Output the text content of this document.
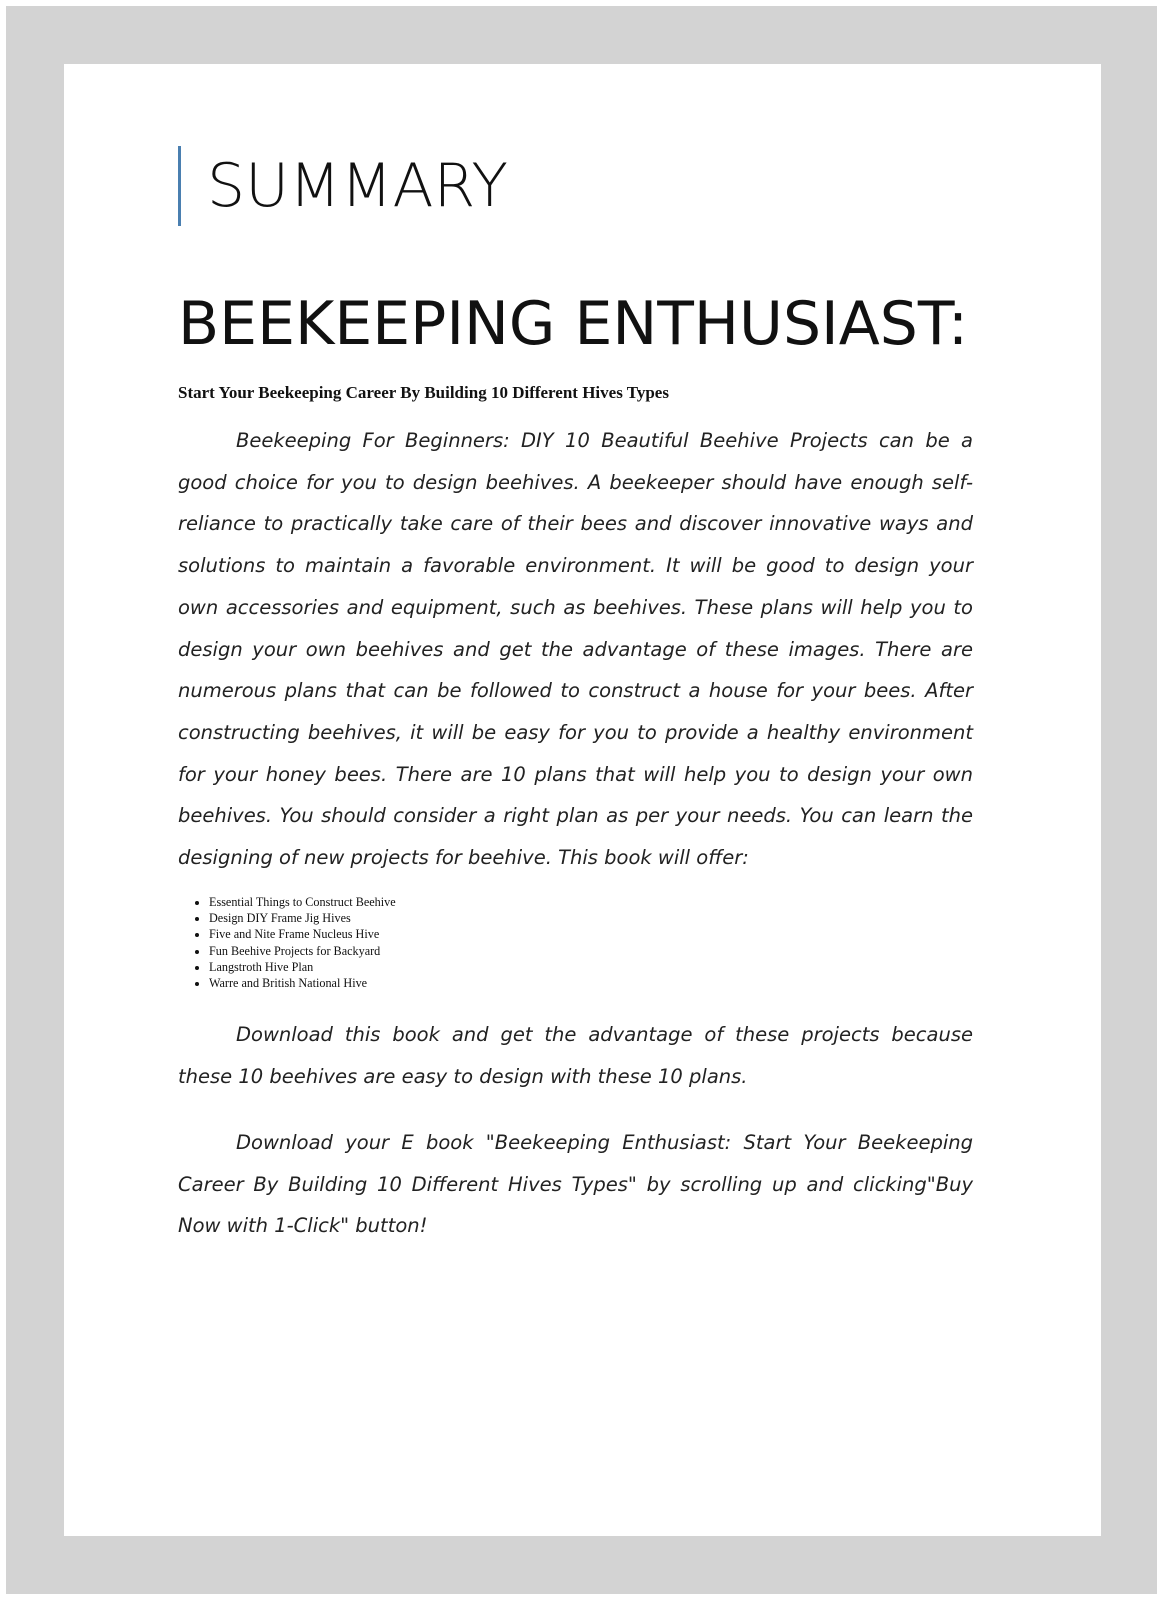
SUMMARY
BEEKEEPING ENTHUSIAST:
Start Your Beekeeping Career By Building 10 Different Hives Types

Beekeeping For Beginners: DIY 10 Beautiful Beehive Projects can be a good choice for you to design beehives. A beekeeper should have enough self-reliance to practically take care of their bees and discover innovative ways and solutions to maintain a favorable environment. It will be good to design your own accessories and equipment, such as beehives. These plans will help you to design your own beehives and get the advantage of these images. There are numerous plans that can be followed to construct a house for your bees. After constructing beehives, it will be easy for you to provide a healthy environment for your honey bees. There are 10 plans that will help you to design your own beehives. You should consider a right plan as per your needs. You can learn the designing of new projects for beehive. This book will offer:

• Essential Things to Construct Beehive
• Design DIY Frame Jig Hives
• Five and Nite Frame Nucleus Hive
• Fun Beehive Projects for Backyard
• Langstroth Hive Plan
• Warre and British National Hive

Download this book and get the advantage of these projects because these 10 beehives are easy to design with these 10 plans.

Download your E book "Beekeeping Enthusiast: Start Your Beekeeping Career By Building 10 Different Hives Types" by scrolling up and clicking"Buy Now with 1-Click" button!
